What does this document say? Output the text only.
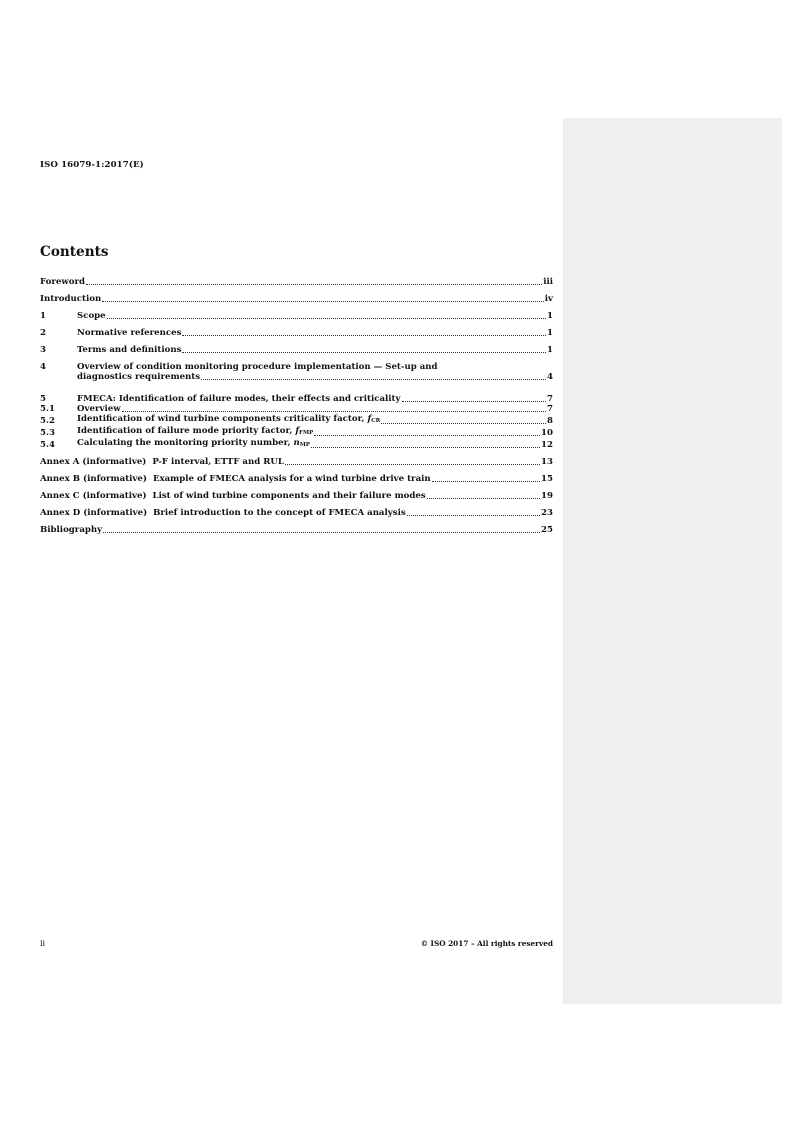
ISO 16079-1:2017(E)
Contents
Foreword	iii
Introduction	iv
1	Scope	1
2	Normative references	1
3	Terms and definitions	1
4	Overview of condition monitoring procedure implementation — Set-up and
diagnostics requirements	4
5	FMECA: Identification of failure modes, their effects and criticality	7
5.1	Overview	7
5.2	Identification of wind turbine components criticality factor, $f_{CR}$	8
5.3	Identification of failure mode priority factor, $f_{FMP}$	10
5.4	Calculating the monitoring priority number, $n_{MP}$	12
Annex A (informative)  P-F interval, ETTF and RUL	13
Annex B (informative)  Example of FMECA analysis for a wind turbine drive train	15
Annex C (informative)  List of wind turbine components and their failure modes	19
Annex D (informative)  Brief introduction to the concept of FMECA analysis	23
Bibliography	25
ii	© ISO 2017 – All rights reserved
